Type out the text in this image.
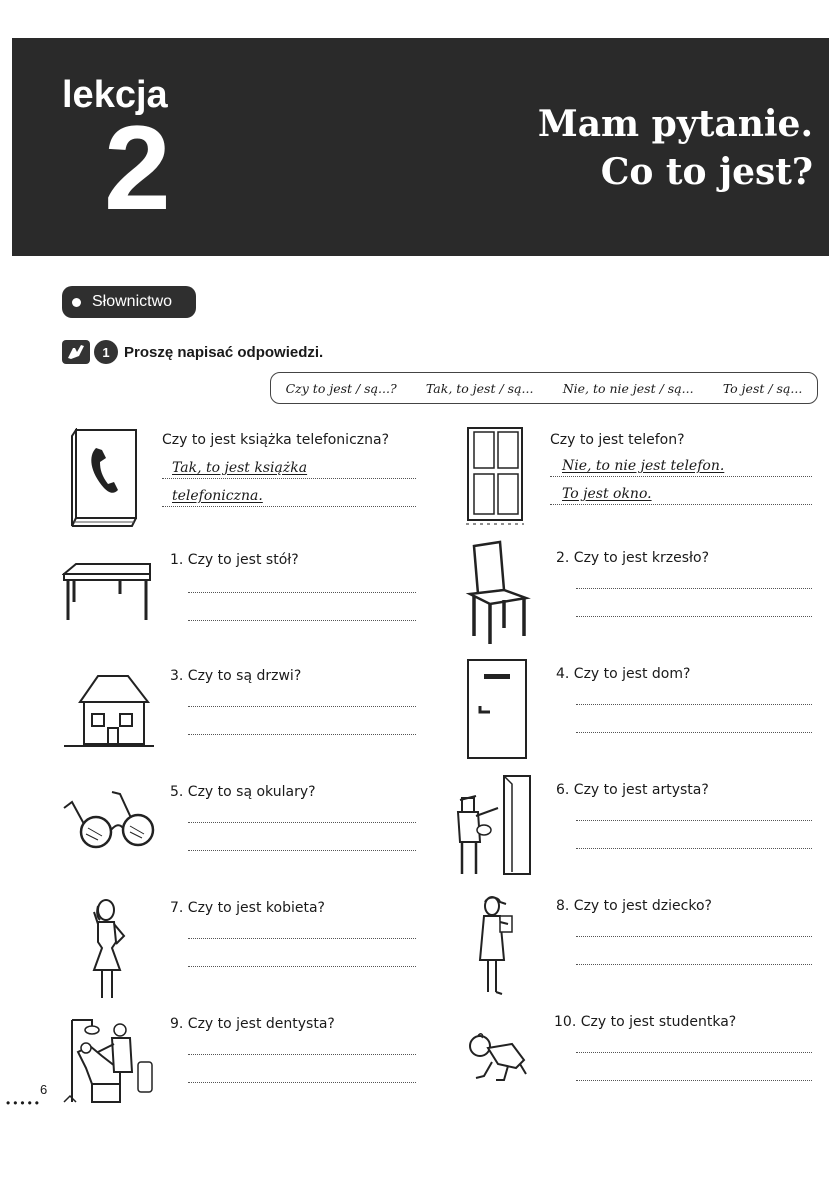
lekcja
2	Mam pytanie.
Co to jest?
Słownictwo
1 Proszę napisać odpowiedzi.
Czy to jest / są...? Tak, to jest / są... Nie, to nie jest / są... To jest / są...
Czy to jest książka telefoniczna?
Tak, to jest książka
telefoniczna.
Czy to jest telefon?
Nie, to nie jest telefon.
To jest okno.
1. Czy to jest stół?	2. Czy to jest krzesło?
3. Czy to są drzwi?	4. Czy to jest dom?
5. Czy to są okulary?	6. Czy to jest artysta?
7. Czy to jest kobieta?	8. Czy to jest dziecko?
9. Czy to jest dentysta?	10. Czy to jest studentka?
6
•••••
